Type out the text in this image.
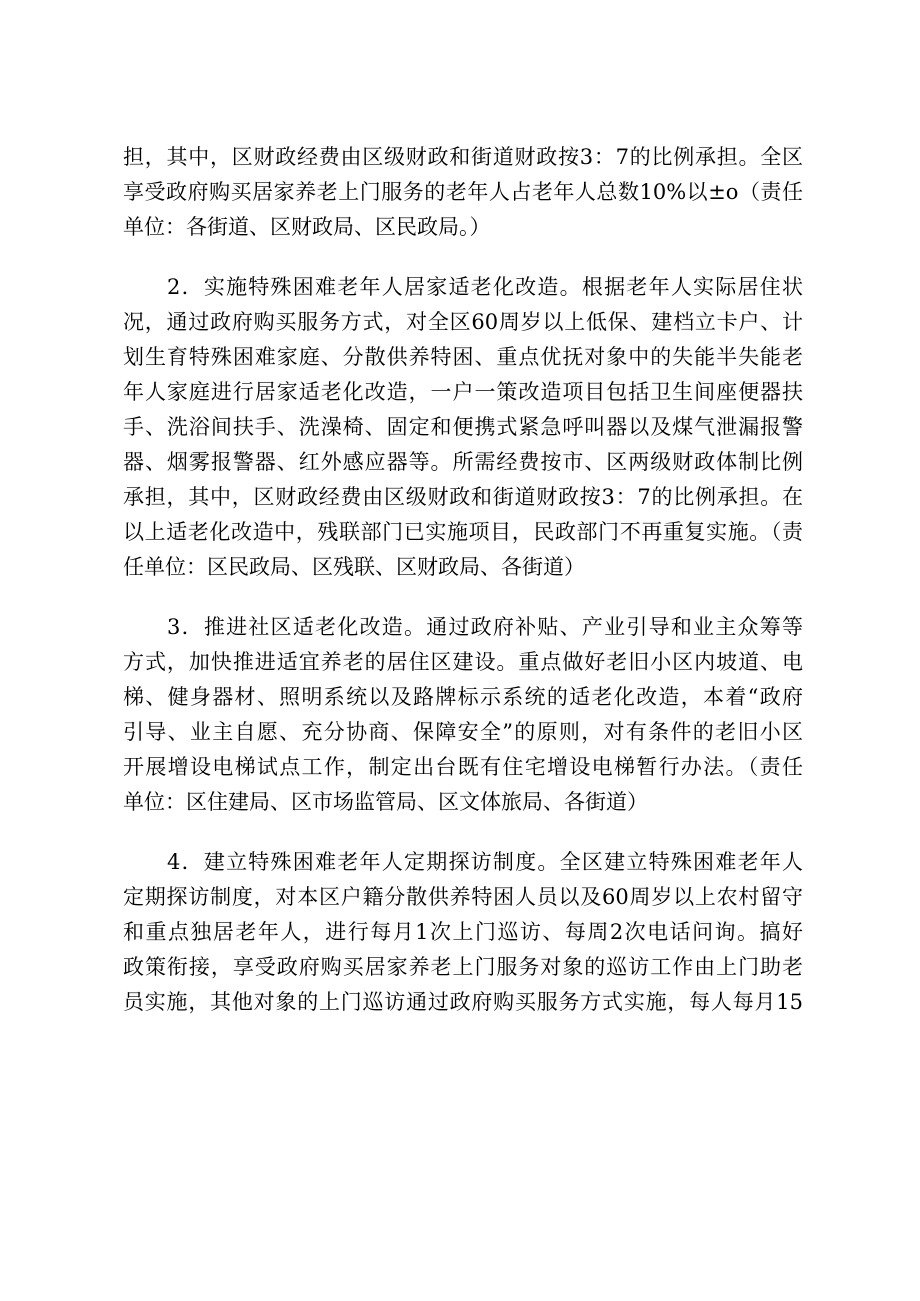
担，其中，区财政经费由区级财政和街道财政按3：7的比例承担。全区
享受政府购买居家养老上门服务的老年人占老年人总数10%以±o（责任
单位：各街道、区财政局、区民政局。）
2．实施特殊困难老年人居家适老化改造。根据老年人实际居住状
况，通过政府购买服务方式，对全区60周岁以上低保、建档立卡户、计
划生育特殊困难家庭、分散供养特困、重点优抚对象中的失能半失能老
年人家庭进行居家适老化改造，一户一策改造项目包括卫生间座便器扶
手、洗浴间扶手、洗澡椅、固定和便携式紧急呼叫器以及煤气泄漏报警
器、烟雾报警器、红外感应器等。所需经费按市、区两级财政体制比例
承担，其中，区财政经费由区级财政和街道财政按3：7的比例承担。在
以上适老化改造中，残联部门已实施项目，民政部门不再重复实施。（责
任单位：区民政局、区残联、区财政局、各街道）
3．推进社区适老化改造。通过政府补贴、产业引导和业主众筹等
方式，加快推进适宜养老的居住区建设。重点做好老旧小区内坡道、电
梯、健身器材、照明系统以及路牌标示系统的适老化改造，本着“政府
引导、业主自愿、充分协商、保障安全”的原则，对有条件的老旧小区
开展增设电梯试点工作，制定出台既有住宅增设电梯暂行办法。（责任
单位：区住建局、区市场监管局、区文体旅局、各街道）
4．建立特殊困难老年人定期探访制度。全区建立特殊困难老年人
定期探访制度，对本区户籍分散供养特困人员以及60周岁以上农村留守
和重点独居老年人，进行每月1次上门巡访、每周2次电话问询。搞好
政策衔接，享受政府购买居家养老上门服务对象的巡访工作由上门助老
员实施，其他对象的上门巡访通过政府购买服务方式实施，每人每月15
